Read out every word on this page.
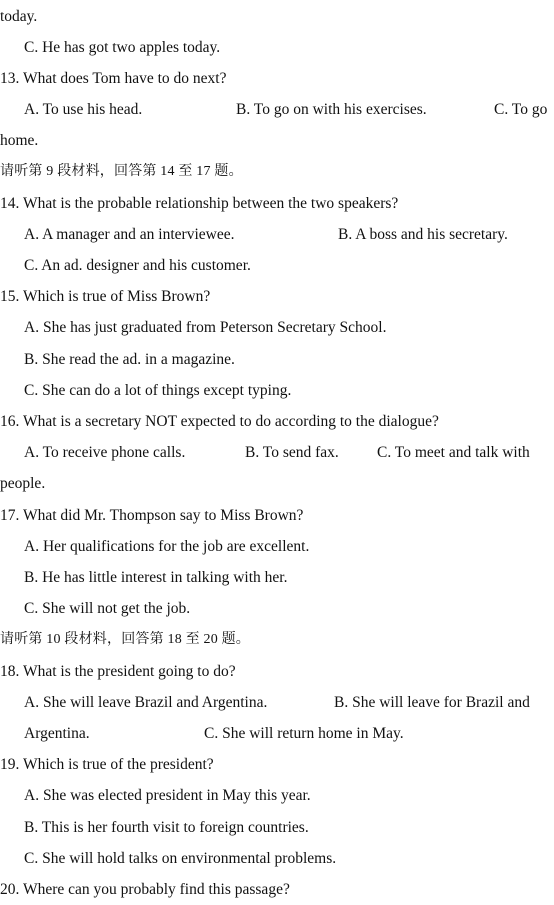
today.
C. He has got two apples today.
13. What does Tom have to do next?
A. To use his head.	B. To go on with his exercises.	C. To go
home.
请听第 9 段材料，回答第 14 至 17 题。
14. What is the probable relationship between the two speakers?
A. A manager and an interviewee.	B. A boss and his secretary.
C. An ad. designer and his customer.
15. Which is true of Miss Brown?
A. She has just graduated from Peterson Secretary School.
B. She read the ad. in a magazine.
C. She can do a lot of things except typing.
16. What is a secretary NOT expected to do according to the dialogue?
A. To receive phone calls.	B. To send fax.	C. To meet and talk with
people.
17. What did Mr. Thompson say to Miss Brown?
A. Her qualifications for the job are excellent.
B. He has little interest in talking with her.
C. She will not get the job.
请听第 10 段材料，回答第 18 至 20 题。
18. What is the president going to do?
A. She will leave Brazil and Argentina.	B. She will leave for Brazil and
Argentina.	C. She will return home in May.
19. Which is true of the president?
A. She was elected president in May this year.
B. This is her fourth visit to foreign countries.
C. She will hold talks on environmental problems.
20. Where can you probably find this passage?
